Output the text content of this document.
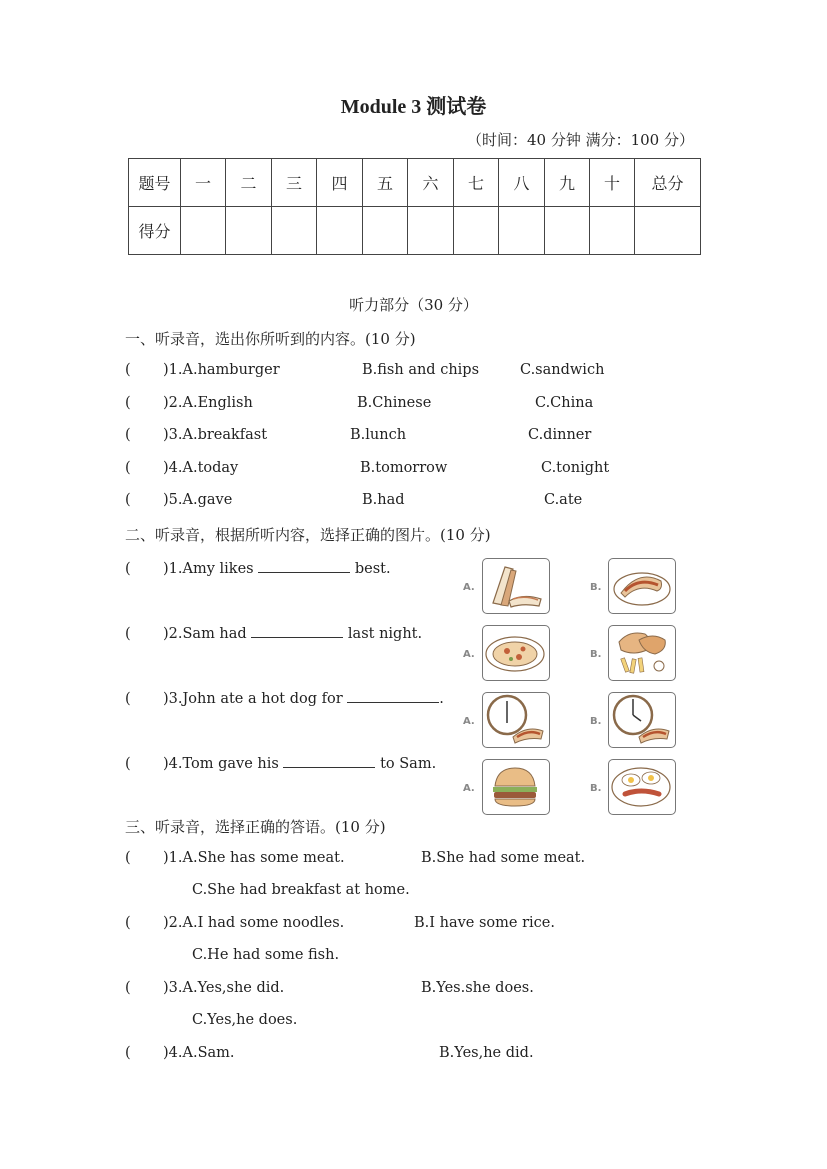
Module 3 测试卷
（时间：40 分钟 满分：100 分）
题号	一	二	三	四	五	六	七	八	九	十	总分
得分											
听力部分（30 分）
一、听录音，选出你所听到的内容。(10 分)
( )1.A.hamburger	B.fish and chips	C.sandwich
( )2.A.English	B.Chinese	C.China
( )3.A.breakfast	B.lunch	C.dinner
( )4.A.today	B.tomorrow	C.tonight
( )5.A.gave	B.had	C.ate
二、听录音，根据所听内容，选择正确的图片。(10 分)
( )1.Amy likes	best.
( )2.Sam had	last night.
( )3.John ate a hot dog for	.
( )4.Tom gave his	to Sam.
A.	B.
A.	B.
A.	B.
A.	B.
三、听录音，选择正确的答语。(10 分)
( )1.A.She has some meat.	B.She had some meat.
C.She had breakfast at home.
( )2.A.I had some noodles.	B.I have some rice.
C.He had some fish.
( )3.A.Yes,she did.	B.Yes.she does.
C.Yes,he does.
( )4.A.Sam.	B.Yes,he did.
